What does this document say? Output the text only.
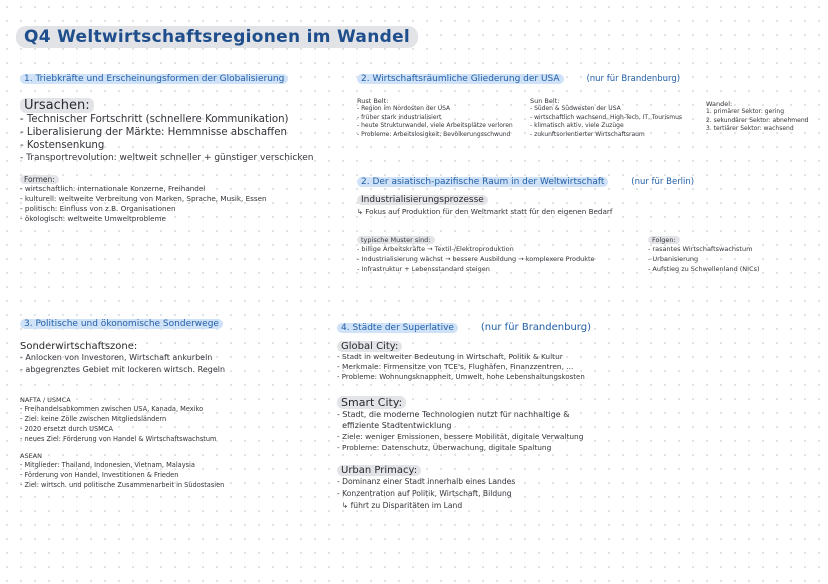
Q4 Weltwirtschaftsregionen im Wandel
1. Triebkräfte und Erscheinungsformen der Globalisierung
Ursachen:
- Technischer Fortschritt (schnellere Kommunikation)
- Liberalisierung der Märkte: Hemmnisse abschaffen
- Kostensenkung
- Transportrevolution: weltweit schneller + günstiger verschicken
Formen:
- wirtschaftlich: internationale Konzerne, Freihandel
- kulturell: weltweite Verbreitung von Marken, Sprache, Musik, Essen
- politisch: Einfluss von z.B. Organisationen
- ökologisch: weltweite Umweltprobleme
2. Wirtschaftsräumliche Gliederung der USA	(nur für Brandenburg)
Rust Belt:
- Region im Nordosten der USA
- früher stark industrialisiert
- heute Strukturwandel, viele Arbeitsplätze verloren
- Probleme: Arbeitslosigkeit, Bevölkerungsschwund
Sun Belt:
- Süden & Südwesten der USA
- wirtschaftlich wachsend, High-Tech, IT, Tourismus
- klimatisch aktiv, viele Zuzüge
- zukunftsorientierter Wirtschaftsraum
Wandel:
1. primärer Sektor: gering
2. sekundärer Sektor: abnehmend
3. tertiärer Sektor: wachsend
2. Der asiatisch-pazifische Raum in der Weltwirtschaft	(nur für Berlin)
Industrialisierungsprozesse
↳ Fokus auf Produktion für den Weltmarkt statt für den eigenen Bedarf
typische Muster sind:
- billige Arbeitskräfte → Textil-/Elektroproduktion
- Industrialisierung wächst → bessere Ausbildung → komplexere Produkte
- Infrastruktur + Lebensstandard steigen
Folgen:
- rasantes Wirtschaftswachstum
- Urbanisierung
- Aufstieg zu Schwellenland (NICs)
3. Politische und ökonomische Sonderwege
Sonderwirtschaftszone:
- Anlocken von Investoren, Wirtschaft ankurbeln
- abgegrenztes Gebiet mit lockeren wirtsch. Regeln
NAFTA / USMCA
- Freihandelsabkommen zwischen USA, Kanada, Mexiko
- Ziel: keine Zölle zwischen Mitgliedsländern
- 2020 ersetzt durch USMCA
- neues Ziel: Förderung von Handel & Wirtschaftswachstum
ASEAN
- Mitglieder: Thailand, Indonesien, Vietnam, Malaysia
- Förderung von Handel, Investitionen & Frieden
- Ziel: wirtsch. und politische Zusammenarbeit in Südostasien
4. Städte der Superlative	(nur für Brandenburg)
Global City:
- Stadt in weltweiter Bedeutung in Wirtschaft, Politik & Kultur
- Merkmale: Firmensitze von TCE's, Flughäfen, Finanzzentren, ...
- Probleme: Wohnungsknappheit, Umwelt, hohe Lebenshaltungskosten
Smart City:
- Stadt, die moderne Technologien nutzt für nachhaltige &
effiziente Stadtentwicklung
- Ziele: weniger Emissionen, bessere Mobilität, digitale Verwaltung
- Probleme: Datenschutz, Überwachung, digitale Spaltung
Urban Primacy:
- Dominanz einer Stadt innerhalb eines Landes
- Konzentration auf Politik, Wirtschaft, Bildung
↳ führt zu Disparitäten im Land
